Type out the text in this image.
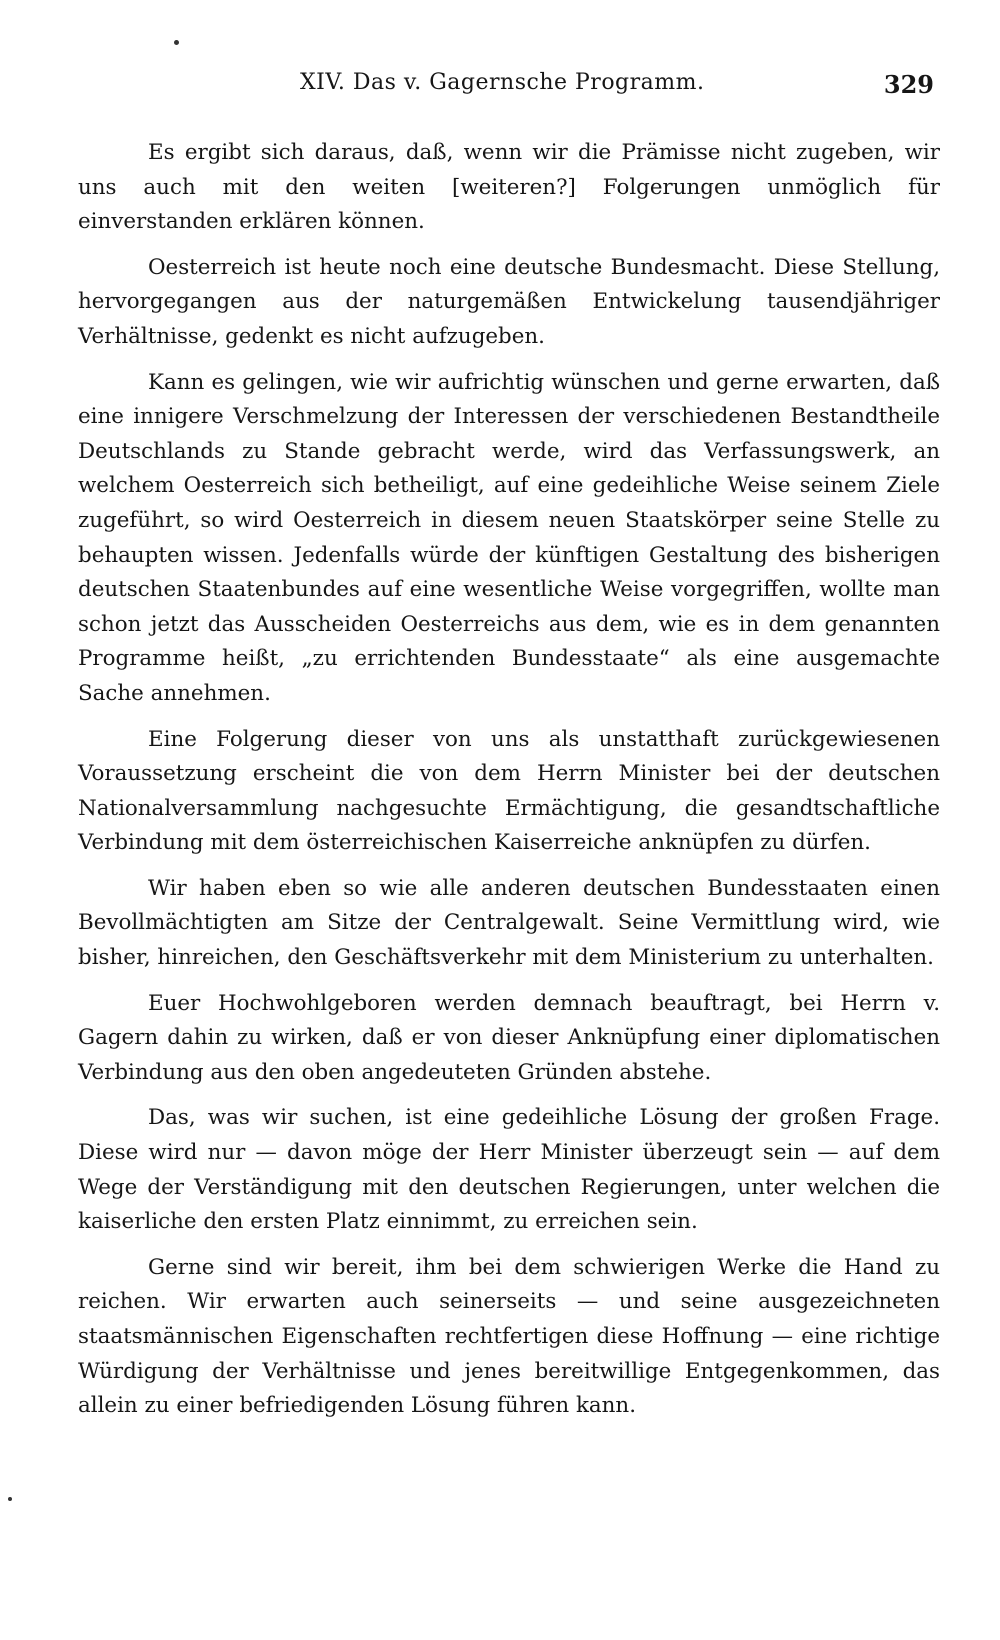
XIV. Das v. Gagernsche Programm.	329

Es ergibt sich daraus, daß, wenn wir die Prämisse nicht zugeben, wir uns auch mit den weiten [weiteren?] Folgerungen unmöglich für einverstanden erklären können.

Oesterreich ist heute noch eine deutsche Bundesmacht. Diese Stellung, hervorgegangen aus der naturgemäßen Entwickelung tausendjähriger Verhältnisse, gedenkt es nicht aufzugeben.

Kann es gelingen, wie wir aufrichtig wünschen und gerne erwarten, daß eine innigere Verschmelzung der Interessen der verschiedenen Bestandtheile Deutschlands zu Stande gebracht werde, wird das Verfassungswerk, an welchem Oesterreich sich betheiligt, auf eine gedeihliche Weise seinem Ziele zugeführt, so wird Oesterreich in diesem neuen Staatskörper seine Stelle zu behaupten wissen. Jedenfalls würde der künftigen Gestaltung des bisherigen deutschen Staatenbundes auf eine wesentliche Weise vorgegriffen, wollte man schon jetzt das Ausscheiden Oesterreichs aus dem, wie es in dem genannten Programme heißt, „zu errichtenden Bundesstaate“ als eine ausgemachte Sache annehmen.

Eine Folgerung dieser von uns als unstatthaft zurückgewiesenen Voraussetzung erscheint die von dem Herrn Minister bei der deutschen Nationalversammlung nachgesuchte Ermächtigung, die gesandtschaftliche Verbindung mit dem österreichischen Kaiserreiche anknüpfen zu dürfen.

Wir haben eben so wie alle anderen deutschen Bundesstaaten einen Bevollmächtigten am Sitze der Centralgewalt. Seine Vermittlung wird, wie bisher, hinreichen, den Geschäftsverkehr mit dem Ministerium zu unterhalten.

Euer Hochwohlgeboren werden demnach beauftragt, bei Herrn v. Gagern dahin zu wirken, daß er von dieser Anknüpfung einer diplomatischen Verbindung aus den oben angedeuteten Gründen abstehe.

Das, was wir suchen, ist eine gedeihliche Lösung der großen Frage. Diese wird nur — davon möge der Herr Minister überzeugt sein — auf dem Wege der Verständigung mit den deutschen Regierungen, unter welchen die kaiserliche den ersten Platz einnimmt, zu erreichen sein.

Gerne sind wir bereit, ihm bei dem schwierigen Werke die Hand zu reichen. Wir erwarten auch seinerseits — und seine ausgezeichneten staatsmännischen Eigenschaften rechtfertigen diese Hoffnung — eine richtige Würdigung der Verhältnisse und jenes bereitwillige Entgegenkommen, das allein zu einer befriedigenden Lösung führen kann.
